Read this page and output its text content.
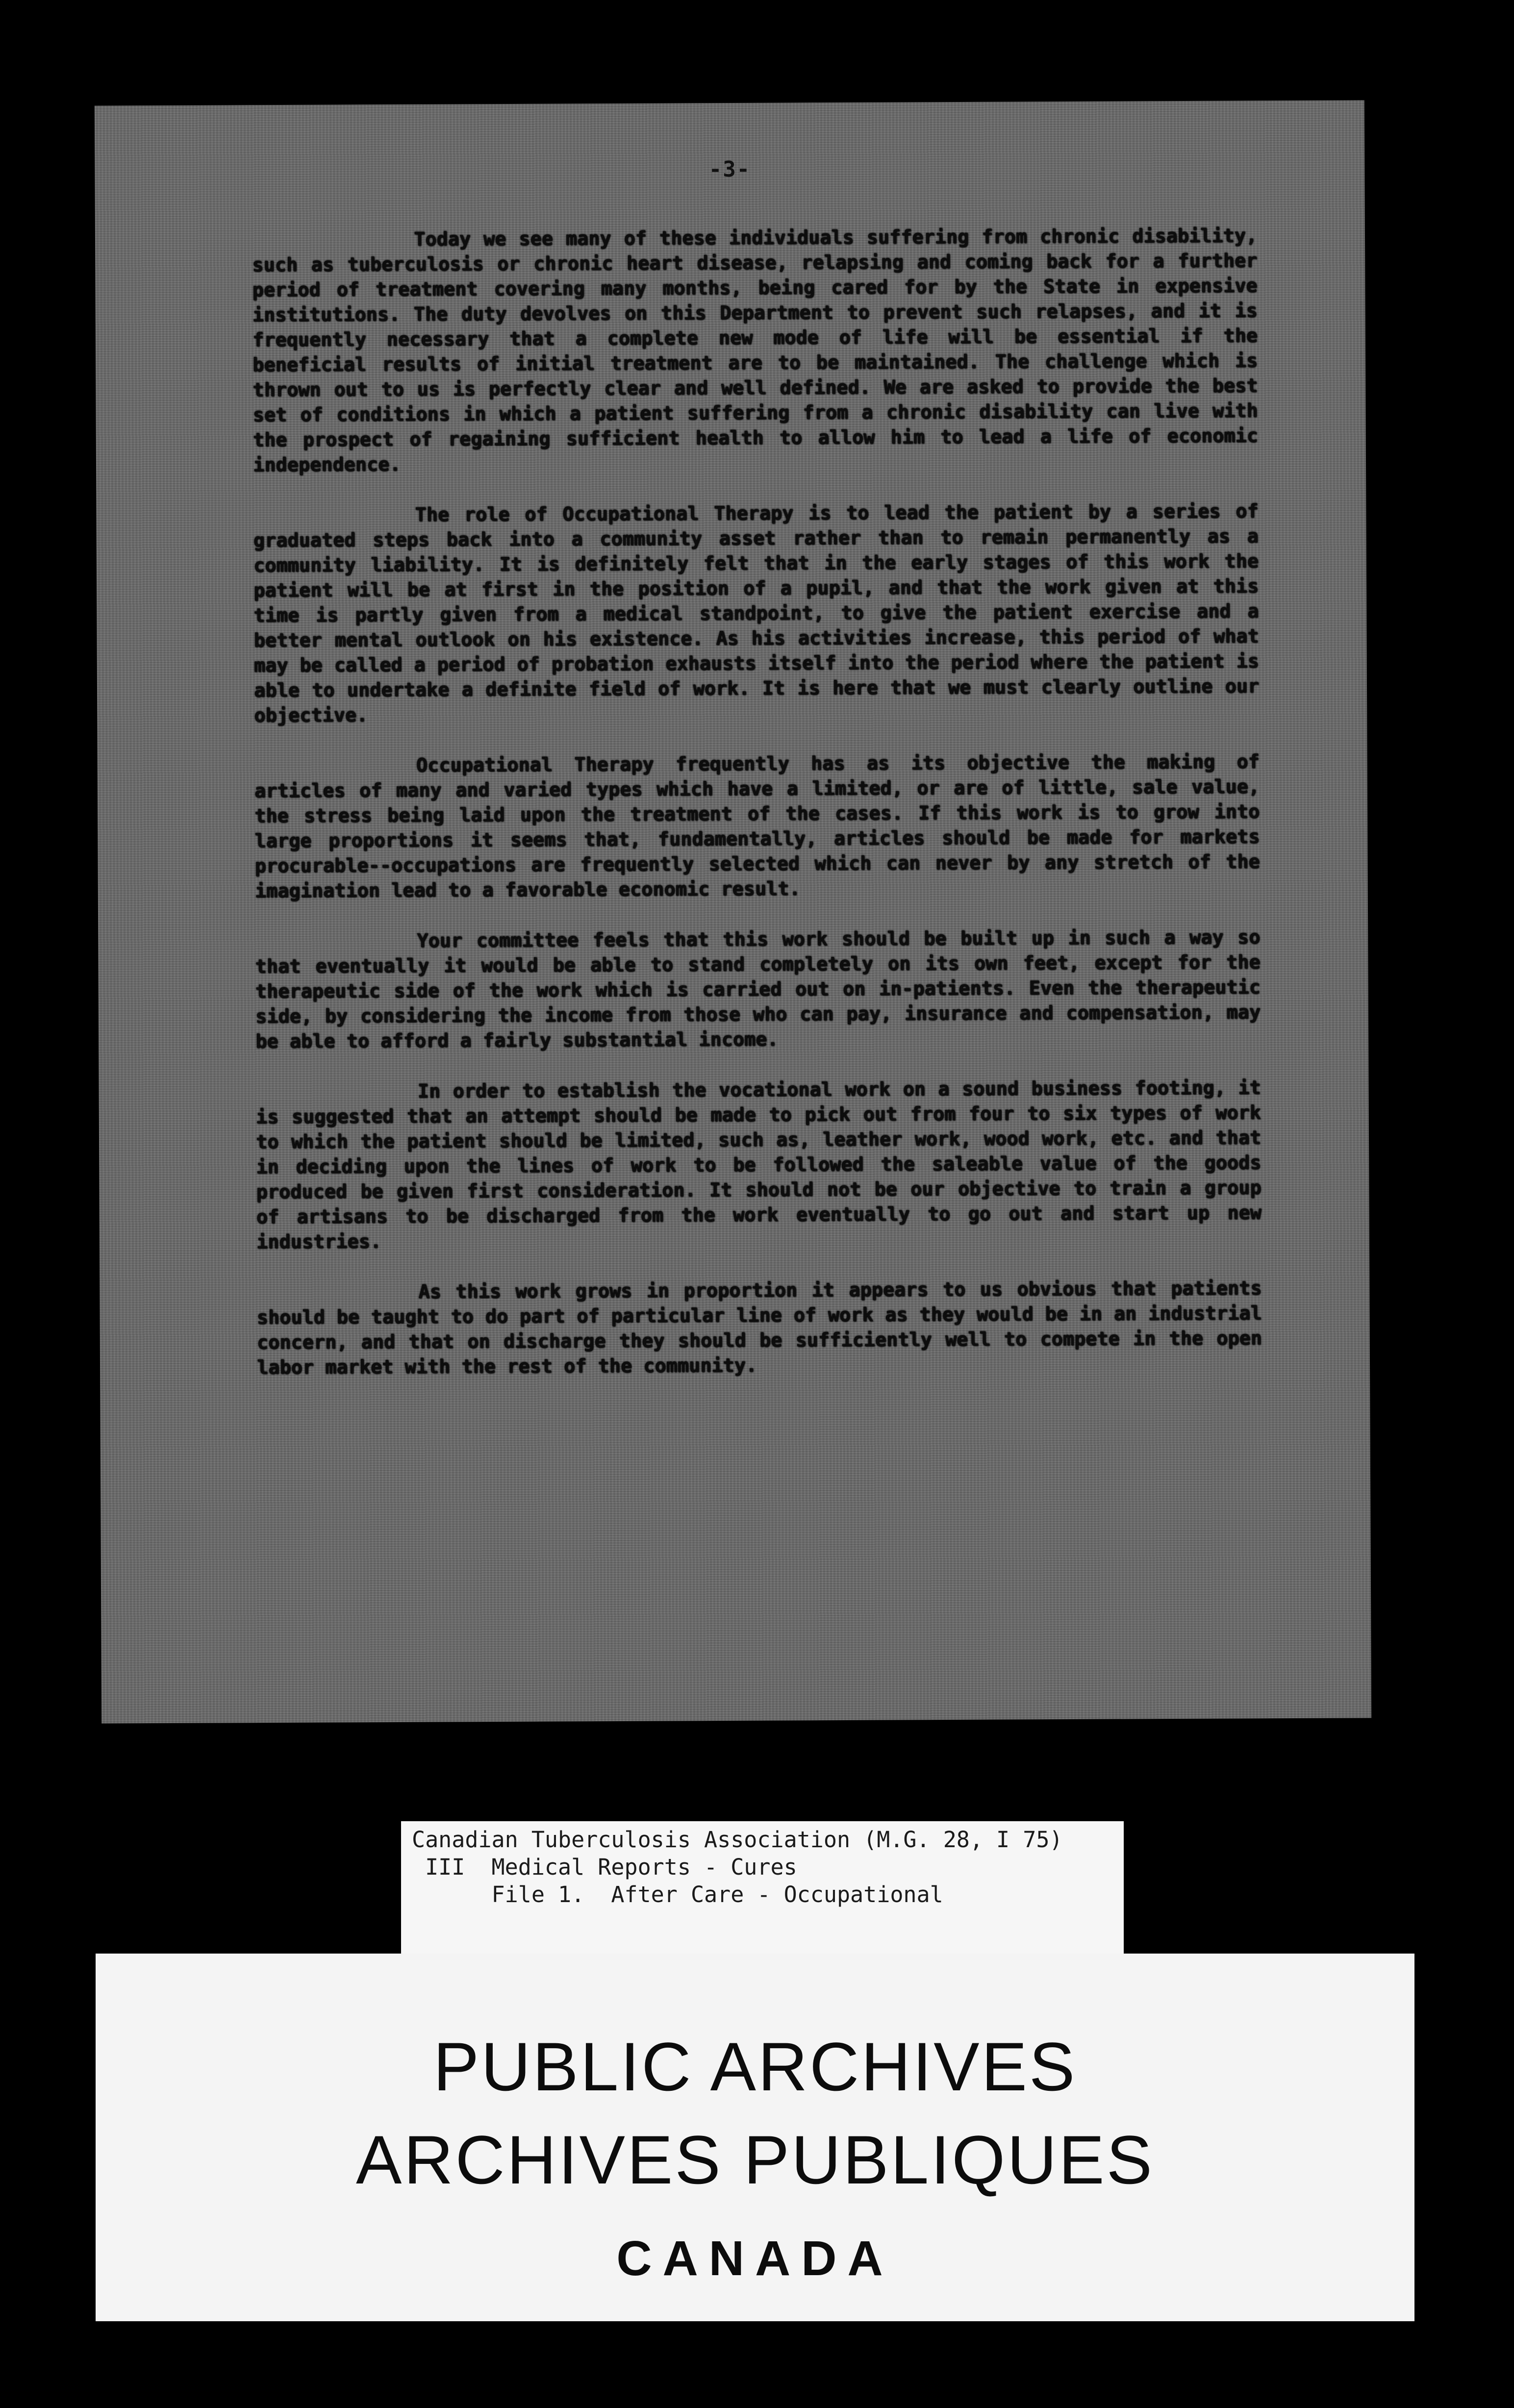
-3-

Today we see many of these individuals suffering from chronic disability, such as tuberculosis or chronic heart disease, relapsing and coming back for a further period of treatment covering many months, being cared for by the State in expensive institutions. The duty devolves on this Department to prevent such relapses, and it is frequently necessary that a complete new mode of life will be essential if the beneficial results of initial treatment are to be maintained. The challenge which is thrown out to us is perfectly clear and well defined. We are asked to provide the best set of conditions in which a patient suffering from a chronic disability can live with the prospect of regaining sufficient health to allow him to lead a life of economic independence.

The role of Occupational Therapy is to lead the patient by a series of graduated steps back into a community asset rather than to remain permanently as a community liability. It is definitely felt that in the early stages of this work the patient will be at first in the position of a pupil, and that the work given at this time is partly given from a medical standpoint, to give the patient exercise and a better mental outlook on his existence. As his activities increase, this period of what may be called a period of probation exhausts itself into the period where the patient is able to undertake a definite field of work. It is here that we must clearly outline our objective.

Occupational Therapy frequently has as its objective the making of articles of many and varied types which have a limited, or are of little, sale value, the stress being laid upon the treatment of the cases. If this work is to grow into large proportions it seems that, fundamentally, articles should be made for markets procurable--occupations are frequently selected which can never by any stretch of the imagination lead to a favorable economic result.

Your committee feels that this work should be built up in such a way so that eventually it would be able to stand completely on its own feet, except for the therapeutic side of the work which is carried out on in-patients. Even the therapeutic side, by considering the income from those who can pay, insurance and compensation, may be able to afford a fairly substantial income.

In order to establish the vocational work on a sound business footing, it is suggested that an attempt should be made to pick out from four to six types of work to which the patient should be limited, such as, leather work, wood work, etc. and that in deciding upon the lines of work to be followed the saleable value of the goods produced be given first consideration. It should not be our objective to train a group of artisans to be discharged from the work eventually to go out and start up new industries.

As this work grows in proportion it appears to us obvious that patients should be taught to do part of particular line of work as they would be in an industrial concern, and that on discharge they should be sufficiently well to compete in the open labor market with the rest of the community.

Canadian Tuberculosis Association (M.G. 28, I 75)
III  Medical Reports - Cures
File 1.  After Care - Occupational
PUBLIC ARCHIVES
ARCHIVES PUBLIQUES
CANADA
